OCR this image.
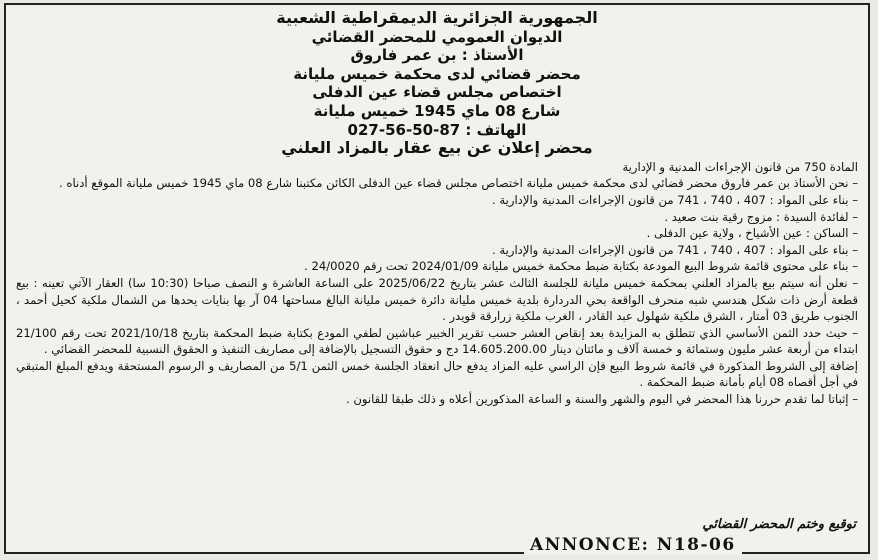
الجمهورية الجزائرية الديمقراطية الشعبية
الديوان العمومي للمحضر القضائي
الأستاذ : بن عمر فاروق
محضر قضائي لدى محكمة خميس مليانة
اختصاص مجلس قضاء عين الدفلى
شارع 08 ماي 1945 خميس مليانة
الهاتف : 87-50-56-027
محضر إعلان عن بيع عقار بالمزاد العلني

المادة 750 من قانون الإجراءات المدنية و الإدارية

– نحن الأستاذ بن عمر فاروق محضر قضائي لدى محكمة خميس مليانة اختصاص مجلس قضاء عين الدفلى الكائن مكتبنا شارع 08 ماي 1945 خميس مليانة الموقع أدناه .

– بناء على المواد : 407 ، 740 ، 741 من قانون الإجراءات المدنية والإدارية .

– لفائدة السيدة : مزوج رقية بنت صعيد .

– الساكن : عين الأشياخ ، ولاية عين الدفلى .

– بناء على المواد : 407 ، 740 ، 741 من قانون الإجراءات المدنية والإدارية .

– بناء على محتوى قائمة شروط البيع المودعة بكتابة ضبط محكمة خميس مليانة 2024/01/09 تحت رقم 24/0020 .

– نعلن أنه سيتم بيع بالمزاد العلني بمحكمة خميس مليانة للجلسة الثالث عشر بتاريخ 2025/06/22 على الساعة العاشرة و النصف صباحا (10:30 سا) العقار الآتي تعينه : بيع قطعة أرض ذات شكل هندسي شبه منحرف الواقعة بحي الدردارة بلدية خميس مليانة دائرة خميس مليانة البالغ مساحتها 04 آر بها بنايات يحدها من الشمال ملكية كحيل أحمد ، الجنوب طريق 03 أمتار ، الشرق ملكية شهلول عبد القادر ، الغرب ملكية زرارقة قويدر .

– حيث حدد الثمن الأساسي الذي تتطلق به المزايدة بعد إنقاص العشر حسب تقرير الخبير عباشين لطفي المودع بكتابة ضبط المحكمة بتاريخ 2021/10/18 تحت رقم 21/100 ابتداء من أربعة عشر مليون وستمائة و خمسة آلاف و مائتان دينار 14.605.200.00 دج و حقوق التسجيل بالإضافة إلى مصاريف التنفيذ و الحقوق النسبية للمحضر القضائي .

إضافة إلى الشروط المذكورة في قائمة شروط البيع فإن الراسي عليه المزاد يدفع حال انعقاد الجلسة خمس الثمن 5/1 من المصاريف و الرسوم المستحقة ويدفع المبلغ المتبقي في أجل أقصاه 08 أيام بأمانة ضبط المحكمة .

– إثباتا لما تقدم حررنا هذا المحضر في اليوم والشهر والسنة و الساعة المذكورين أعلاه و ذلك طبقا للقانون .

توقيع وختم المحضر القضائي
ANNONCE: N18-06
